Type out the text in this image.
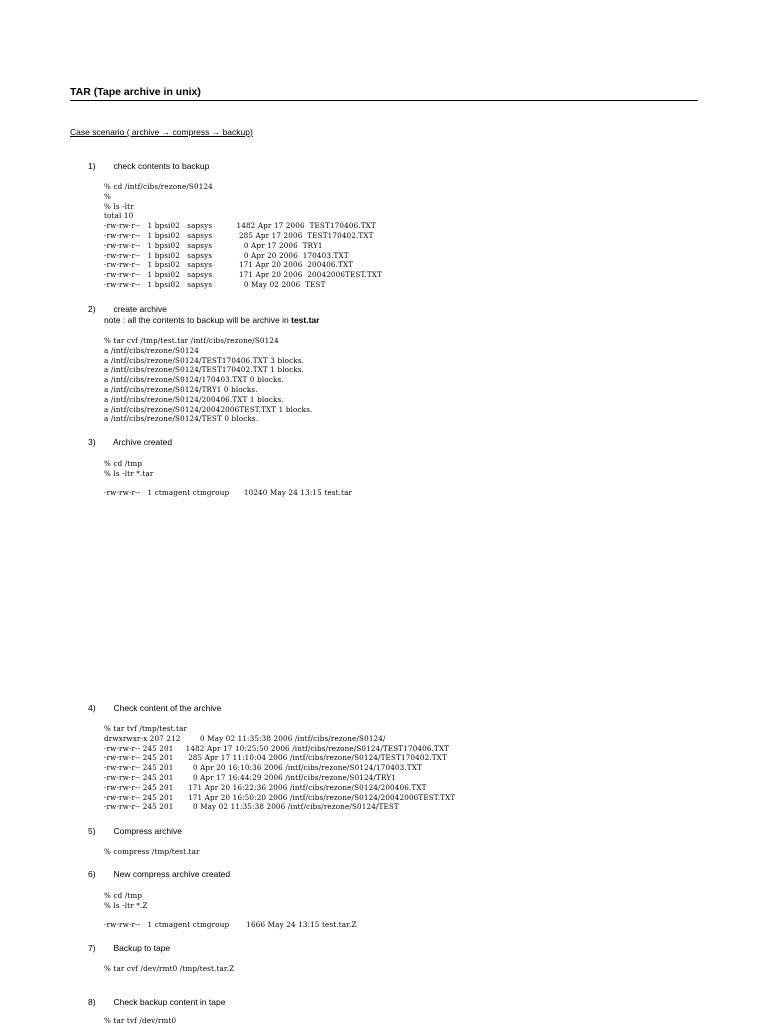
TAR (Tape archive in unix)
Case scenario ( archive → compress → backup)
1) check contents to backup
% cd /intf/cibs/rezone/S0124
%
% ls -ltr
total 10
-rw-rw-r--   1 bpsi02   sapsys          1482 Apr 17 2006  TEST170406.TXT
-rw-rw-r--   1 bpsi02   sapsys           285 Apr 17 2006  TEST170402.TXT
-rw-rw-r--   1 bpsi02   sapsys             0 Apr 17 2006  TRY1
-rw-rw-r--   1 bpsi02   sapsys             0 Apr 20 2006  170403.TXT
-rw-rw-r--   1 bpsi02   sapsys           171 Apr 20 2006  200406.TXT
-rw-rw-r--   1 bpsi02   sapsys           171 Apr 20 2006  20042006TEST.TXT
-rw-rw-r--   1 bpsi02   sapsys             0 May 02 2006  TEST
2) create archive
note : all the contents to backup will be archive in test.tar
% tar cvf /tmp/test.tar /intf/cibs/rezone/S0124
a /intf/cibs/rezone/S0124
a /intf/cibs/rezone/S0124/TEST170406.TXT 3 blocks.
a /intf/cibs/rezone/S0124/TEST170402.TXT 1 blocks.
a /intf/cibs/rezone/S0124/170403.TXT 0 blocks.
a /intf/cibs/rezone/S0124/TRY1 0 blocks.
a /intf/cibs/rezone/S0124/200406.TXT 1 blocks.
a /intf/cibs/rezone/S0124/20042006TEST.TXT 1 blocks.
a /intf/cibs/rezone/S0124/TEST 0 blocks.
3) Archive created
% cd /tmp
% ls -ltr *.tar

-rw-rw-r--   1 ctmagent ctmgroup      10240 May 24 13:15 test.tar
4) Check content of the archive
% tar tvf /tmp/test.tar
drwxrwxr-x 207 212        0 May 02 11:35:38 2006 /intf/cibs/rezone/S0124/
-rw-rw-r-- 245 201     1482 Apr 17 10:25:50 2006 /intf/cibs/rezone/S0124/TEST170406.TXT
-rw-rw-r-- 245 201      285 Apr 17 11:10:04 2006 /intf/cibs/rezone/S0124/TEST170402.TXT
-rw-rw-r-- 245 201        0 Apr 20 16:10:36 2006 /intf/cibs/rezone/S0124/170403.TXT
-rw-rw-r-- 245 201        0 Apr 17 16:44:29 2006 /intf/cibs/rezone/S0124/TRY1
-rw-rw-r-- 245 201      171 Apr 20 16:22:36 2006 /intf/cibs/rezone/S0124/200406.TXT
-rw-rw-r-- 245 201      171 Apr 20 16:50:20 2006 /intf/cibs/rezone/S0124/20042006TEST.TXT
-rw-rw-r-- 245 201        0 May 02 11:35:38 2006 /intf/cibs/rezone/S0124/TEST
5) Compress archive
% compress /tmp/test.tar
6) New compress archive created
% cd /tmp
% ls -ltr *.Z

-rw-rw-r--   1 ctmagent ctmgroup       1666 May 24 13:15 test.tar.Z
7) Backup to tape
% tar cvf /dev/rmt0 /tmp/test.tar.Z
8) Check backup content in tape
% tar tvf /dev/rmt0
